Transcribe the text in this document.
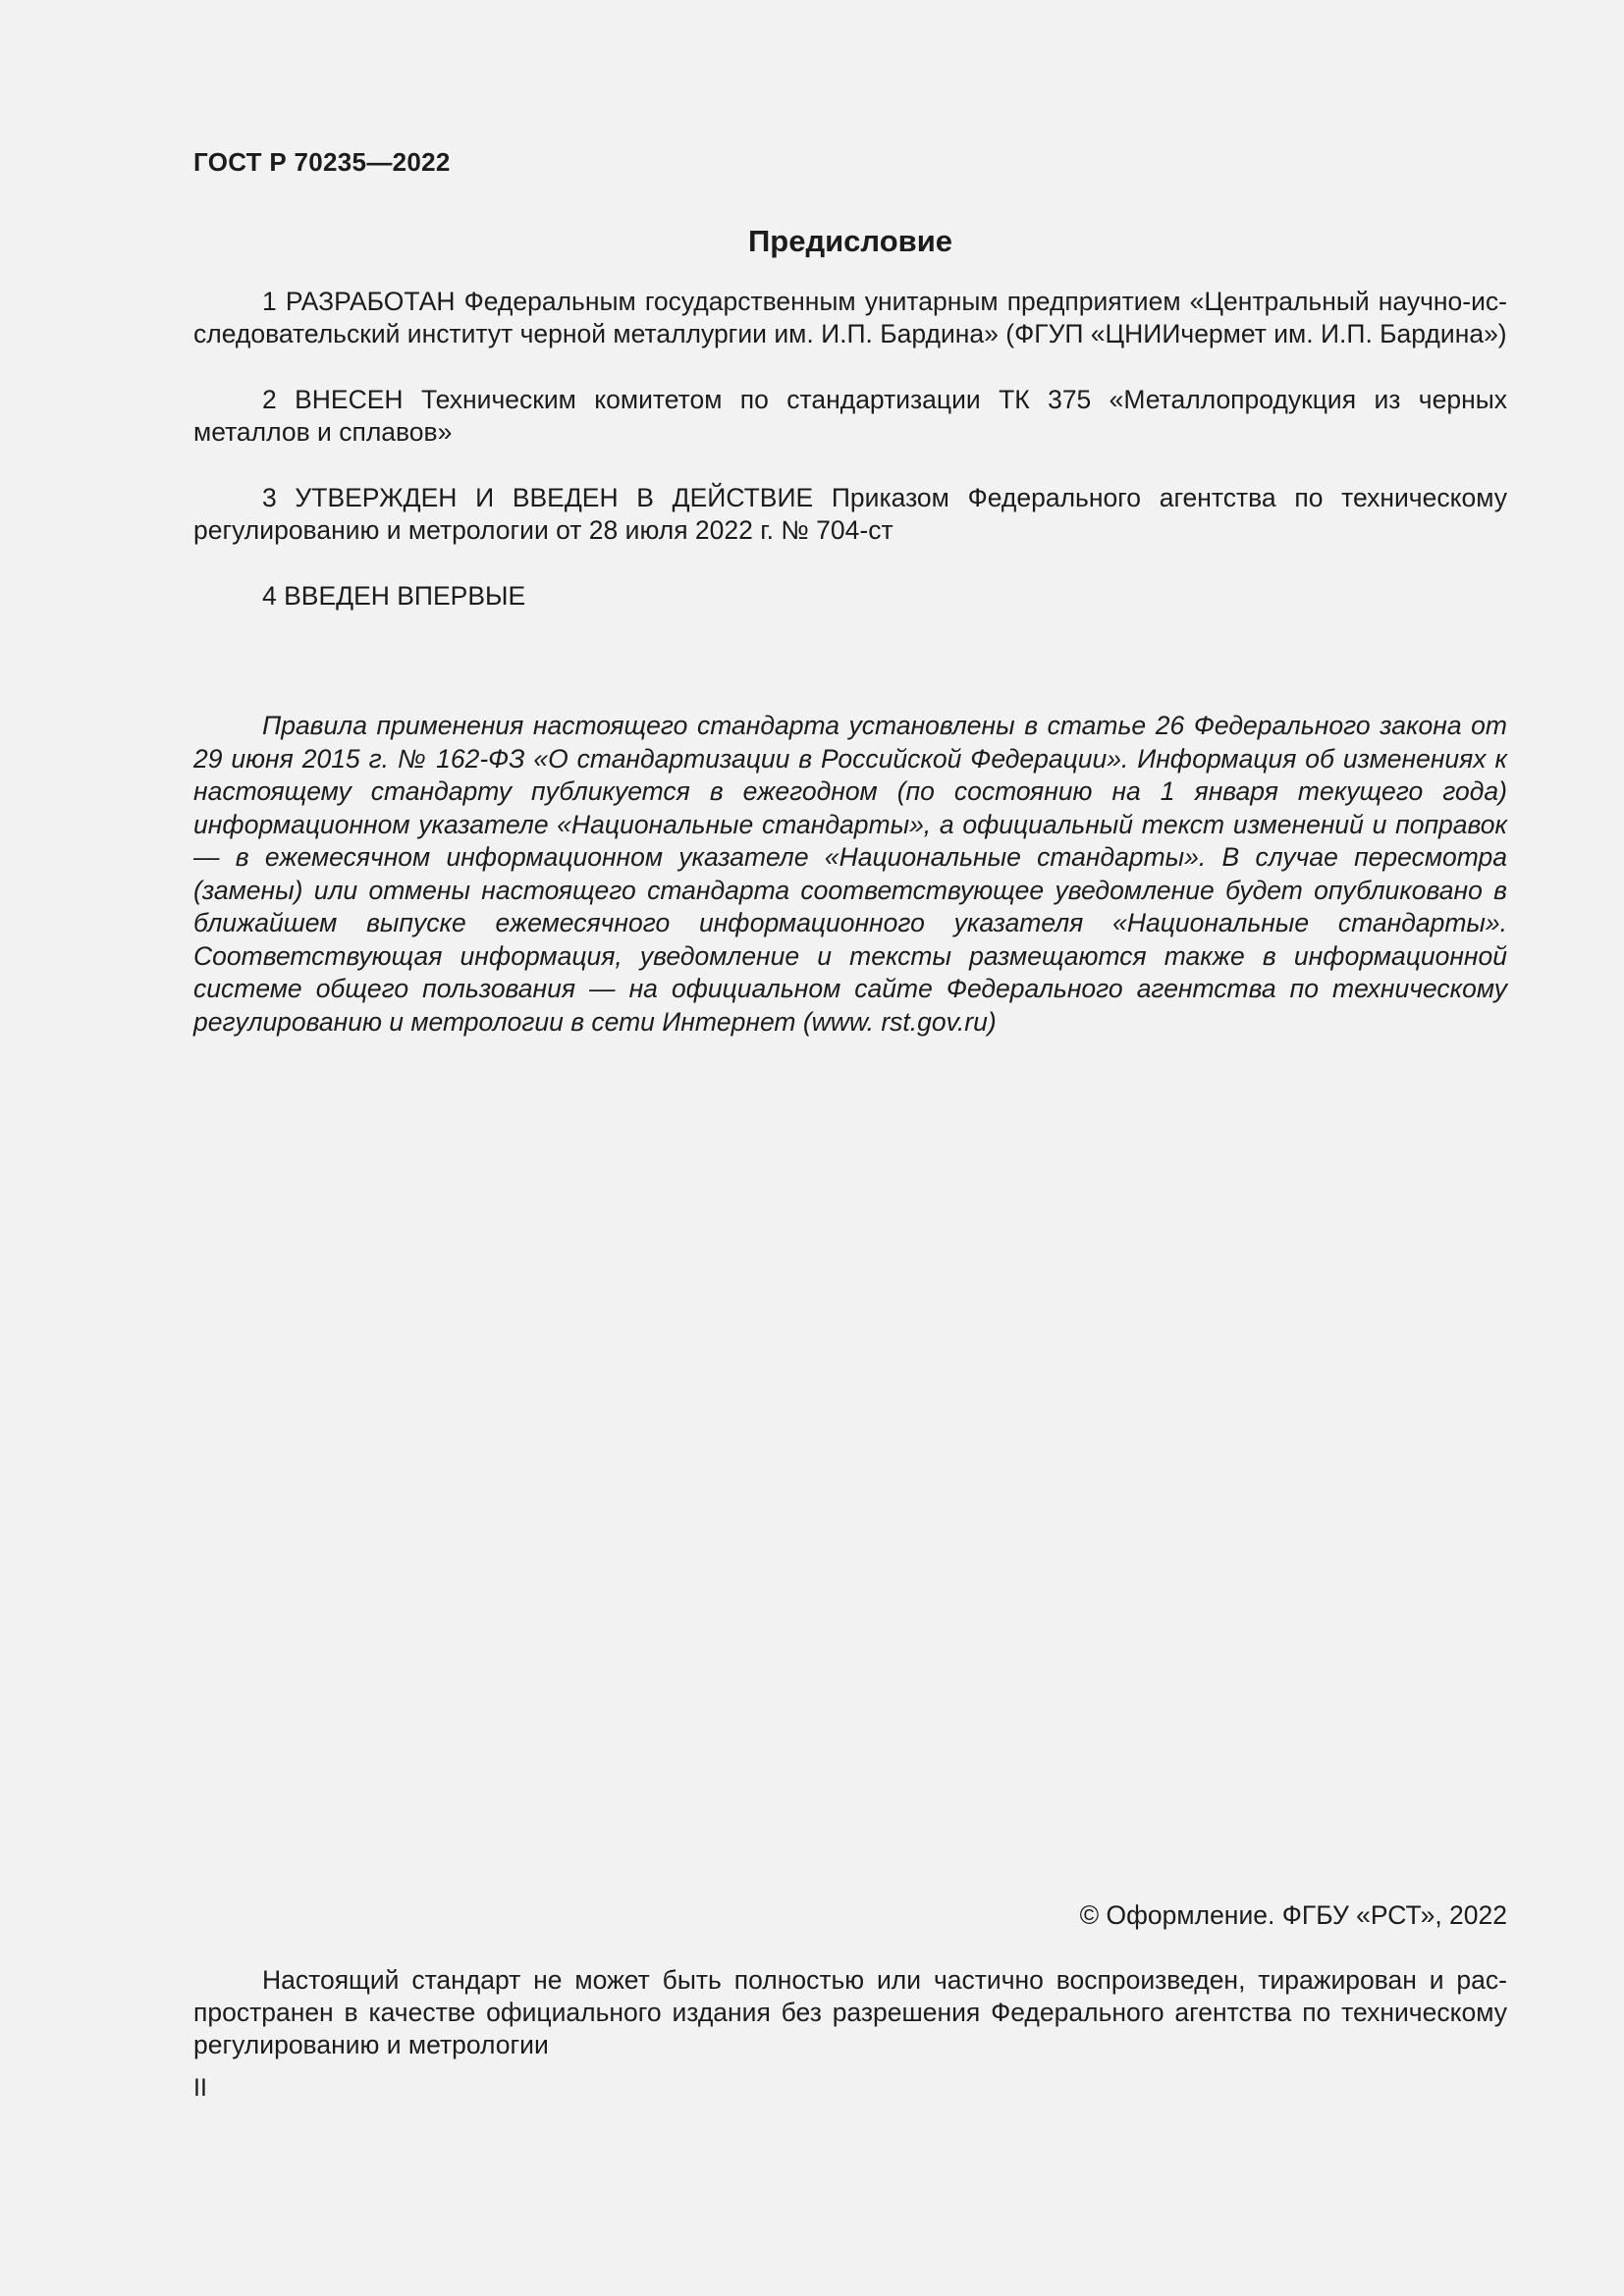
ГОСТ Р 70235—2022
Предисловие

1 РАЗРАБОТАН Федеральным государственным унитарным предприятием «Центральный научно-исследовательский институт черной металлургии им. И.П. Бардина» (ФГУП «ЦНИИчермет им. И.П. Бардина»)

2 ВНЕСЕН Техническим комитетом по стандартизации ТК 375 «Металлопродукция из черных металлов и сплавов»

3 УТВЕРЖДЕН И ВВЕДЕН В ДЕЙСТВИЕ Приказом Федерального агентства по техническому регулированию и метрологии от 28 июля 2022 г. № 704-ст

4 ВВЕДЕН ВПЕРВЫЕ

Правила применения настоящего стандарта установлены в статье 26 Федерального закона от 29 июня 2015 г. № 162-ФЗ «О стандартизации в Российской Федерации». Информация об изменениях к настоящему стандарту публикуется в ежегодном (по состоянию на 1 января текущего года) информационном указателе «Национальные стандарты», а официальный текст изменений и поправок — в ежемесячном информационном указателе «Национальные стандарты». В случае пересмотра (замены) или отмены настоящего стандарта соответствующее уведомление будет опубликовано в ближайшем выпуске ежемесячного информационного указателя «Национальные стандарты». Соответствующая информация, уведомление и тексты размещаются также в информационной системе общего пользования — на официальном сайте Федерального агентства по техническому регулированию и метрологии в сети Интернет (www. rst.gov.ru)

© Оформление. ФГБУ «РСТ», 2022

Настоящий стандарт не может быть полностью или частично воспроизведен, тиражирован и распространен в качестве официального издания без разрешения Федерального агентства по техническому регулированию и метрологии

II
